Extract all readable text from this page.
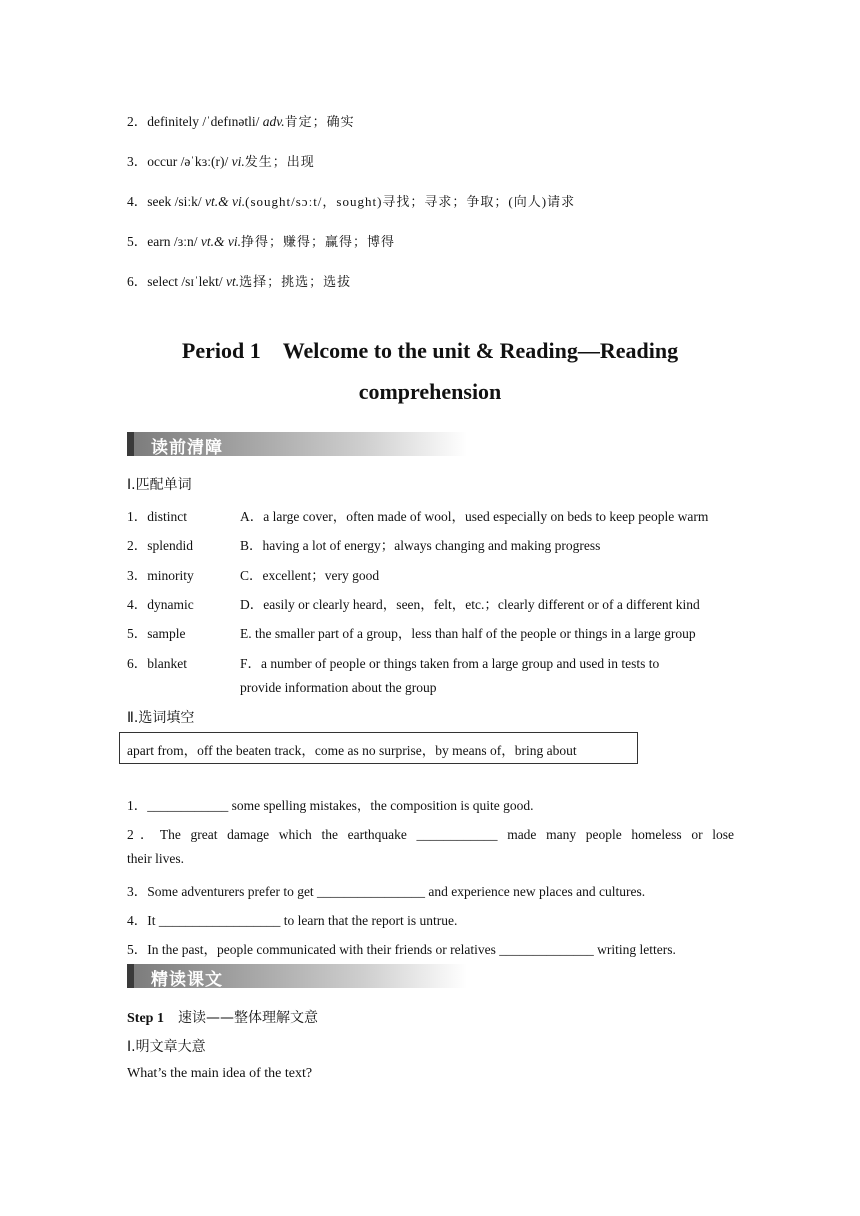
2．definitely /ˈdefɪnətli/ adv.肯定；确实
3．occur /əˈkɜː(r)/ vi.发生；出现
4．seek /siːk/ vt.& vi.(sought/sɔːt/，sought)寻找；寻求；争取；(向人)请求
5．earn /ɜːn/ vt.& vi.挣得；赚得；赢得；博得
6．select /sɪˈlekt/ vt.选择；挑选；选拔
Period 1　Welcome to the unit & Reading—Reading
comprehension
读前清障
Ⅰ.匹配单词
1．distinct	A．a large cover，often made of wool，used especially on beds to keep people warm
2．splendid	B．having a lot of energy；always changing and making progress
3．minority	C．excellent；very good
4．dynamic	D．easily or clearly heard，seen，felt，etc.；clearly different or of a different kind
5．sample	E. the smaller part of a group，less than half of the people or things in a large group
6．blanket	F．a number of people or things taken from a large group and used in tests to
provide information about the group
Ⅱ.选词填空
apart from，off the beaten track，come as no surprise，by means of，bring about
1．____________ some spelling mistakes，the composition is quite good.
2．The great damage which the earthquake ____________ made many people homeless or lose
their lives.
3．Some adventurers prefer to get ________________ and experience new places and cultures.
4．It __________________ to learn that the report is untrue.
5．In the past，people communicated with their friends or relatives ______________ writing letters.
精读课文
Step 1　 速读——整体理解文意
Ⅰ.明文章大意
What’s the main idea of the text?
